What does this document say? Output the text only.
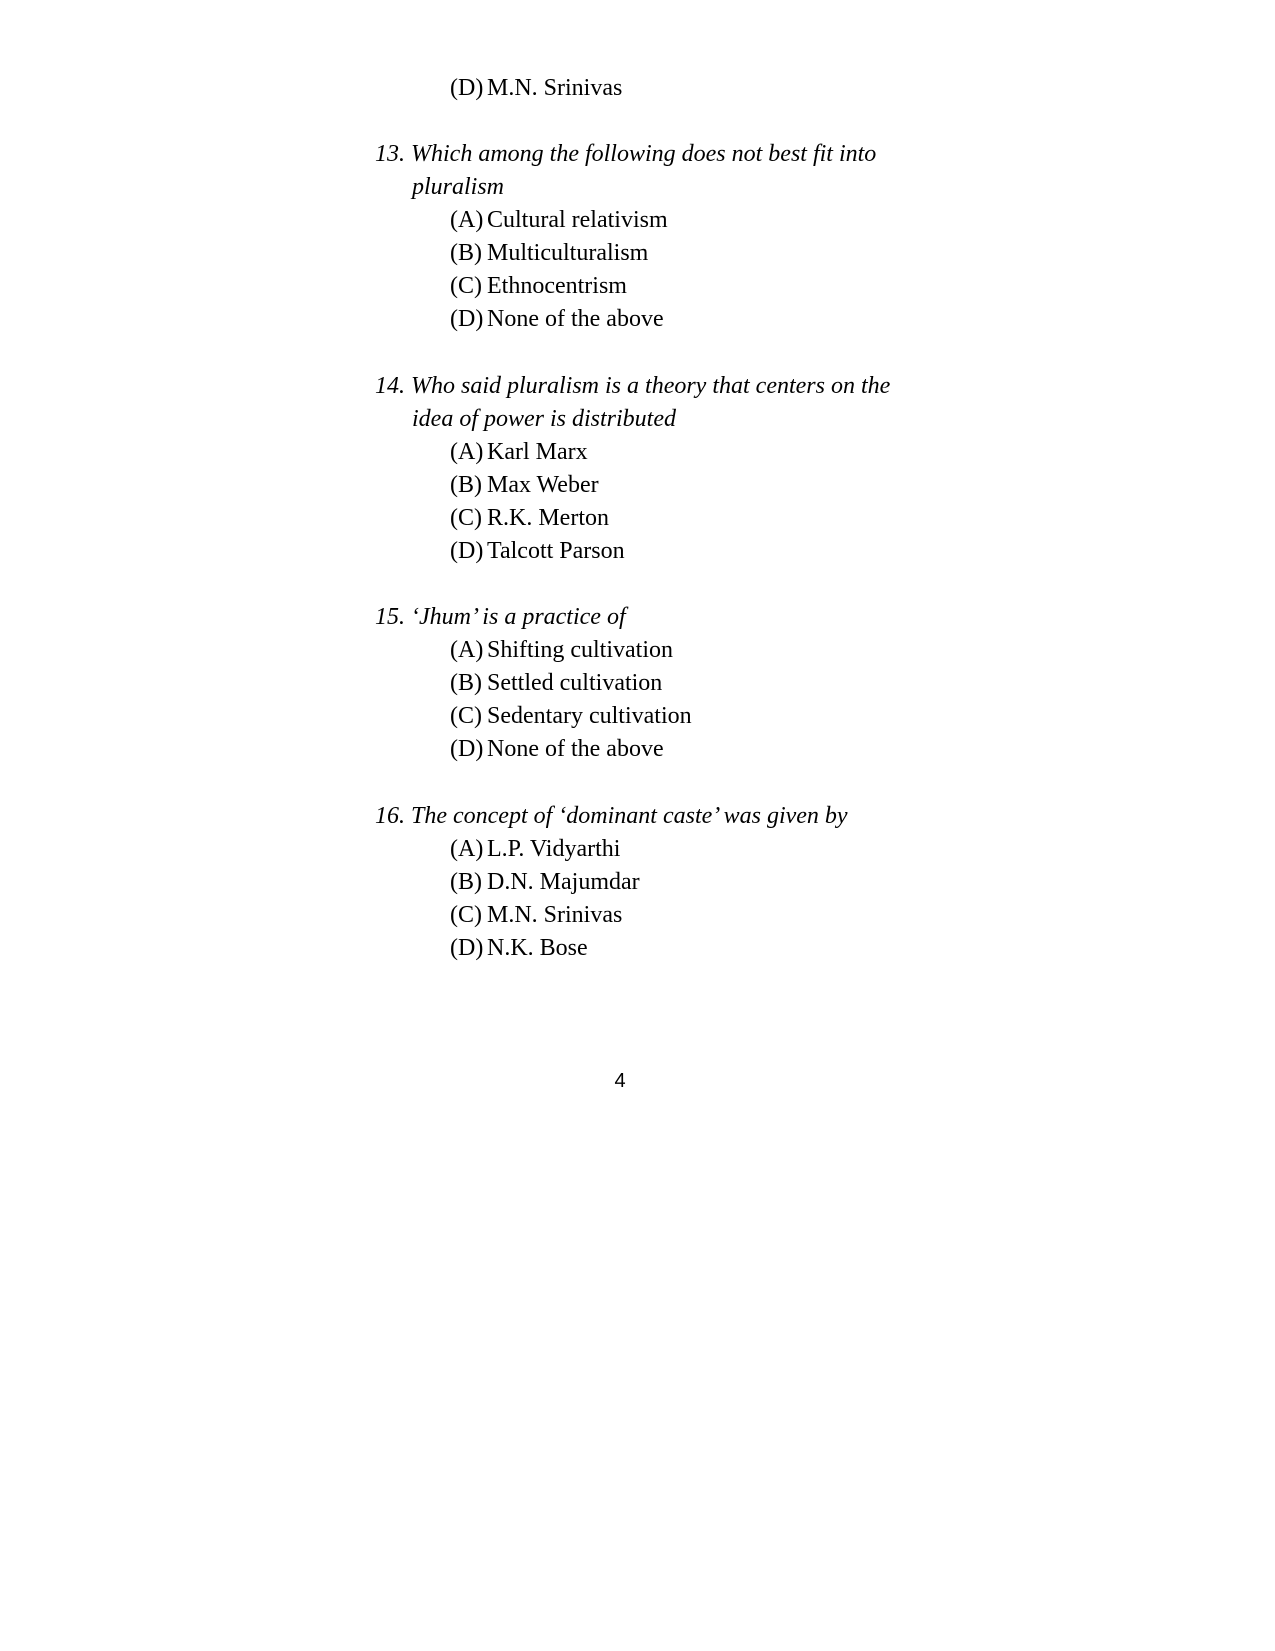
(D) M.N. Srinivas
13. Which among the following does not best fit into
pluralism
(A) Cultural relativism
(B) Multiculturalism
(C) Ethnocentrism
(D) None of the above
14. Who said pluralism is a theory that centers on the
idea of power is distributed
(A) Karl Marx
(B) Max Weber
(C) R.K. Merton
(D) Talcott Parson
15. ‘Jhum’ is a practice of
(A) Shifting cultivation
(B) Settled cultivation
(C) Sedentary cultivation
(D) None of the above
16. The concept of ‘dominant caste’ was given by
(A) L.P. Vidyarthi
(B) D.N. Majumdar
(C) M.N. Srinivas
(D) N.K. Bose
4
